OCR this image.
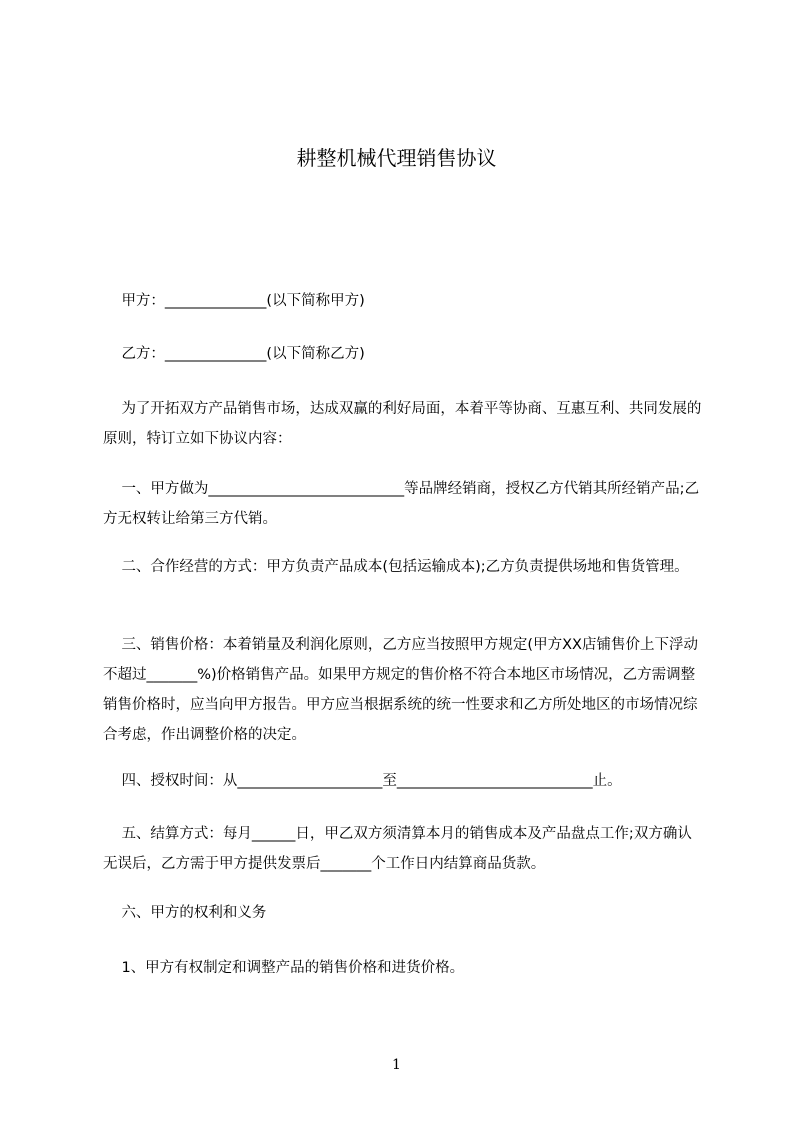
耕整机械代理销售协议

甲方：______________(以下简称甲方)

乙方：______________(以下简称乙方)

为了开拓双方产品销售市场，达成双赢的利好局面，本着平等协商、互惠互利、共同发展的原则，特订立如下协议内容：

一、甲方做为___________________________等品牌经销商，授权乙方代销其所经销产品;乙方无权转让给第三方代销。

二、合作经营的方式：甲方负责产品成本(包括运输成本);乙方负责提供场地和售货管理。

三、销售价格：本着销量及利润化原则，乙方应当按照甲方规定(甲方XX店铺售价上下浮动不超过_______%)价格销售产品。如果甲方规定的售价格不符合本地区市场情况，乙方需调整销售价格时，应当向甲方报告。甲方应当根据系统的统一性要求和乙方所处地区的市场情况综合考虑，作出调整价格的决定。

四、授权时间：从____________________至___________________________止。

五、结算方式：每月______日，甲乙双方须清算本月的销售成本及产品盘点工作;双方确认无误后，乙方需于甲方提供发票后_______个工作日内结算商品货款。

六、甲方的权利和义务

1、甲方有权制定和调整产品的销售价格和进货价格。

1
